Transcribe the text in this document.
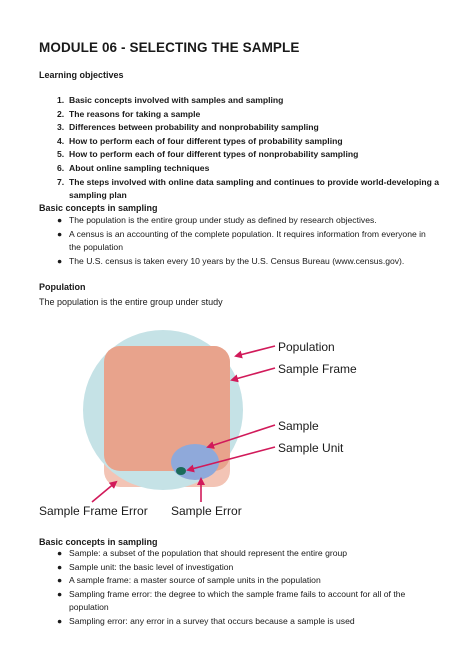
MODULE 06 - SELECTING THE SAMPLE
Learning objectives
1. Basic concepts involved with samples and sampling
2. The reasons for taking a sample
3. Differences between probability and nonprobability sampling
4. How to perform each of four different types of probability sampling
5. How to perform each of four different types of nonprobability sampling
6. About online sampling techniques
7. The steps involved with online data sampling and continues to provide world-developing a sampling plan
Basic concepts in sampling
● The population is the entire group under study as defined by research objectives.
● A census is an accounting of the complete population. It requires information from everyone in the population
● The U.S. census is taken every 10 years by the U.S. Census Bureau (www.census.gov).
Population
The population is the entire group under study
Population
Sample Frame
Sample
Sample Unit
Sample Frame Error Sample Error
Basic concepts in sampling
● Sample: a subset of the population that should represent the entire group
● Sample unit: the basic level of investigation
● A sample frame: a master source of sample units in the population
● Sampling frame error: the degree to which the sample frame fails to account for all of the population
● Sampling error: any error in a survey that occurs because a sample is used
